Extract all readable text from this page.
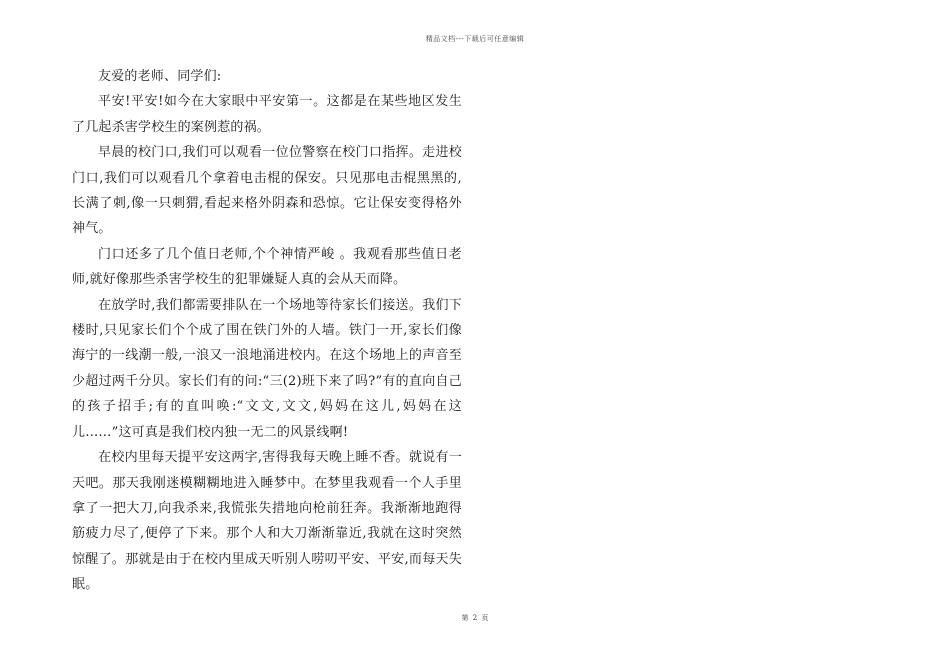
精品文档---下载后可任意编辑

友爱的老师、同学们:

平安!平安!如今在大家眼中平安第一。这都是在某些地区发生了几起杀害学校生的案例惹的祸。

早晨的校门口,我们可以观看一位位警察在校门口指挥。走进校门口,我们可以观看几个拿着电击棍的保安。只见那电击棍黑黑的,长满了刺,像一只刺猬,看起来格外阴森和恐惊。它让保安变得格外神气。

门口还多了几个值日老师,个个神情严峻 。我观看那些值日老师,就好像那些杀害学校生的犯罪嫌疑人真的会从天而降。

在放学时,我们都需要排队在一个场地等待家长们接送。我们下楼时,只见家长们个个成了围在铁门外的人墙。铁门一开,家长们像海宁的一线潮一般,一浪又一浪地涌进校内。在这个场地上的声音至少超过两千分贝。家长们有的问:“三(2)班下来了吗?”有的直向自己的孩子招手;有的直叫唤:“文文,文文,妈妈在这儿,妈妈在这儿……”这可真是我们校内独一无二的风景线啊!

在校内里每天提平安这两字,害得我每天晚上睡不香。就说有一天吧。那天我刚迷模糊糊地进入睡梦中。在梦里我观看一个人手里拿了一把大刀,向我杀来,我慌张失措地向枪前狂奔。我渐渐地跑得筋疲力尽了,便停了下来。那个人和大刀渐渐靠近,我就在这时突然惊醒了。那就是由于在校内里成天听别人唠叨平安、平安,而每天失眠。

第 2 页
